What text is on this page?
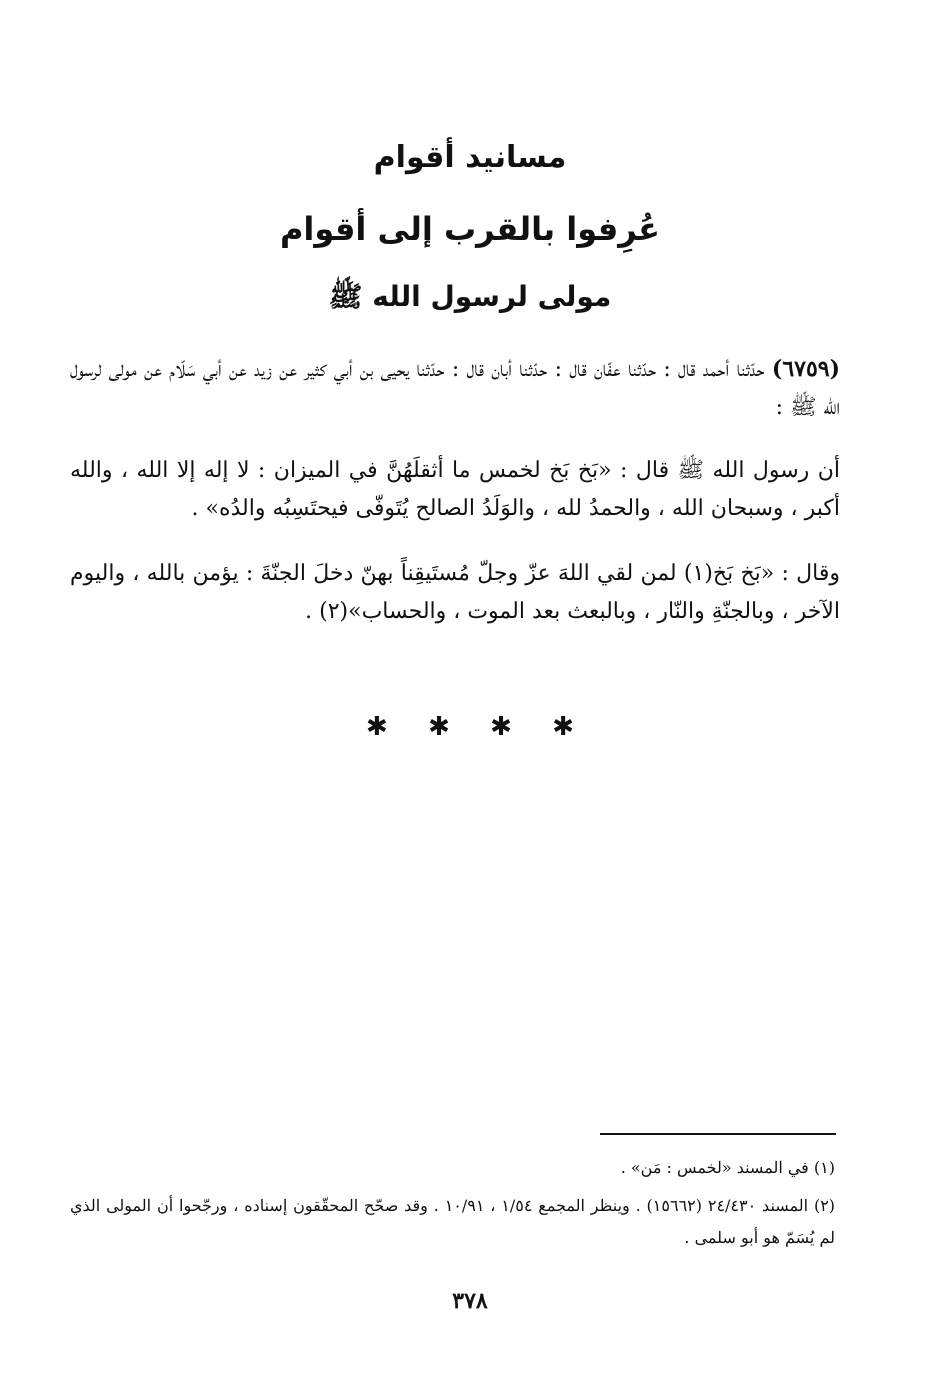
مسانيد أقوام
عُرِفوا بالقرب إلى أقوام
مولى لرسول الله ﷺ

(٦٧٥٩) حدّثنا أحمد قال : حدّثنا عفّان قال : حدّثنا أبان قال : حدّثنا يحيى بن أبي كثير عن زيد عن أبي سَلّام عن مولى لرسول الله ﷺ :

أن رسول الله ﷺ قال : «بَخ بَخ لخمس ما أثقلَهُنَّ في الميزان : لا إله إلا الله ، والله أكبر ، وسبحان الله ، والحمدُ لله ، والوَلَدُ الصالح يُتَوفّى فيحتَسِبُه والدُه» .

وقال : «بَخ بَخ(١) لمن لقي اللهَ عزّ وجلّ مُستَيقِناً بهنّ دخلَ الجنّةَ : يؤمن بالله ، واليوم الآخر ، وبالجنّةِ والنّار ، وبالبعث بعد الموت ، والحساب»(٢) .

✱ ✱ ✱ ✱

(١) في المسند «لخمس : مَن» .

(٢) المسند ٢٤/٤٣٠ (١٥٦٦٢) . وينظر المجمع ١/٥٤ ، ١٠/٩١ . وقد صحّح المحقّقون إسناده ، ورجّحوا أن المولى الذي لم يُسَمّ هو أبو سلمى .

٣٧٨
